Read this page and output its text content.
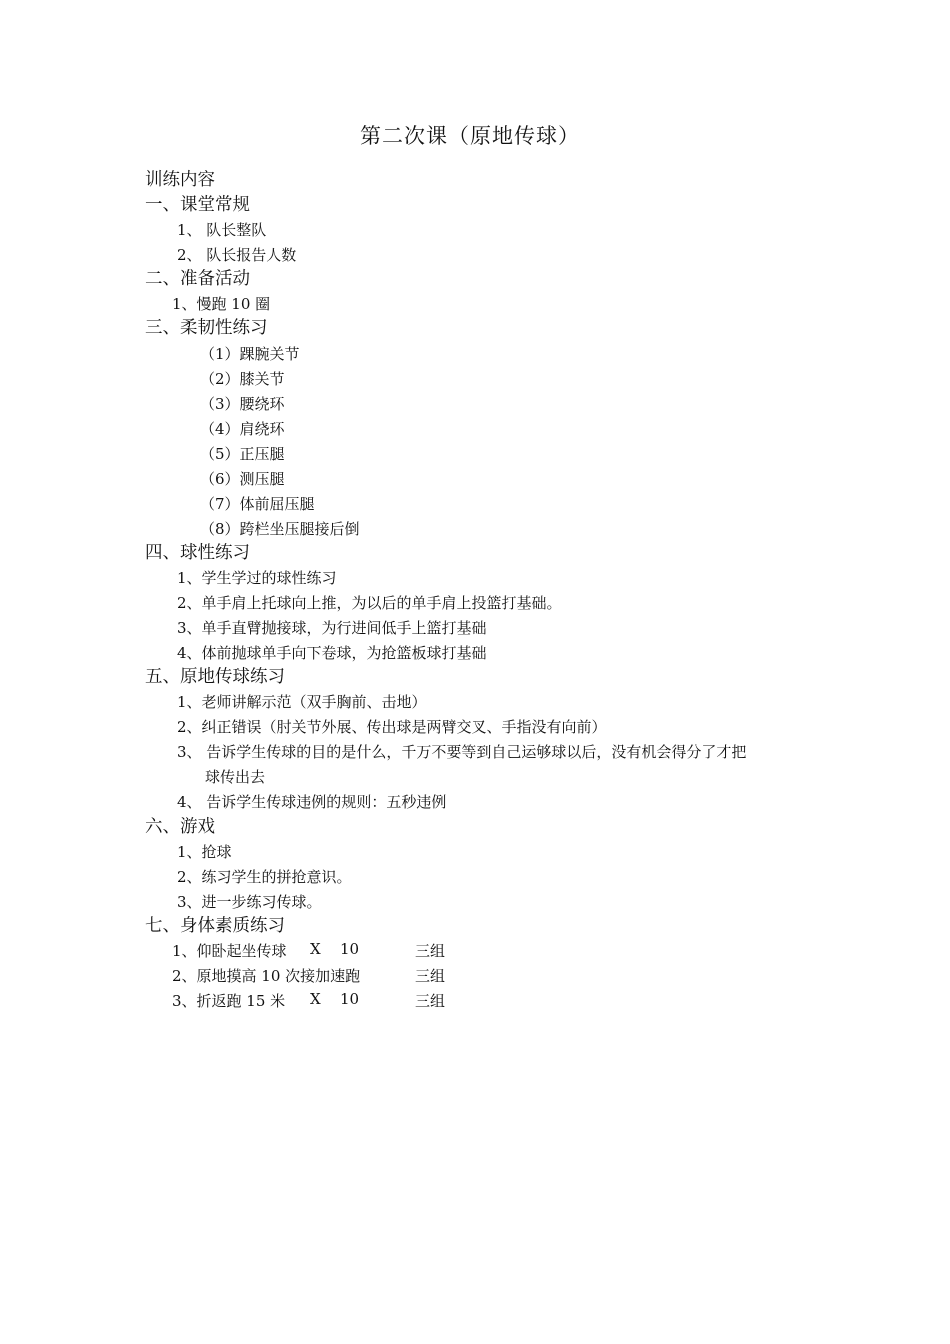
第二次课（原地传球）
训练内容
一、课堂常规
1、 队长整队
2、 队长报告人数
二、准备活动
1、慢跑 10 圈
三、柔韧性练习
（1）踝腕关节
（2）膝关节
（3）腰绕环
（4）肩绕环
（5）正压腿
（6）测压腿
（7）体前屈压腿
（8）跨栏坐压腿接后倒
四、球性练习
1、学生学过的球性练习
2、单手肩上托球向上推，为以后的单手肩上投篮打基础。
3、单手直臂抛接球，为行进间低手上篮打基础
4、体前抛球单手向下卷球，为抢篮板球打基础
五、原地传球练习
1、老师讲解示范（双手胸前、击地）
2、纠正错误（肘关节外展、传出球是两臂交叉、手指没有向前）
3、 告诉学生传球的目的是什么，千万不要等到自己运够球以后，没有机会得分了才把
球传出去
4、 告诉学生传球违例的规则：五秒违例
六、游戏
1、抢球
2、练习学生的拼抢意识。
3、进一步练习传球。
七、身体素质练习
1、仰卧起坐传球 X 10	三组
2、原地摸高 10 次接加速跑	三组
3、折返跑 15 米 X 10	三组
